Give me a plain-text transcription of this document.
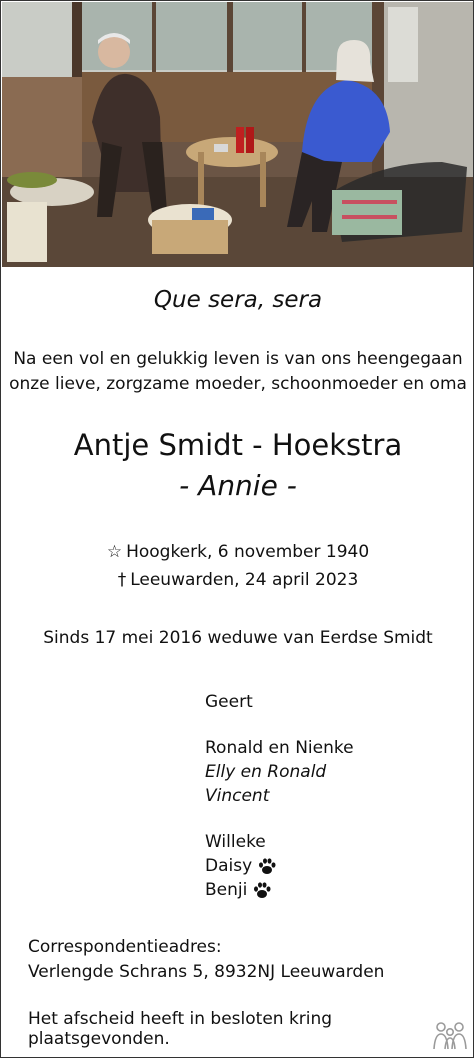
Que sera, sera
Na een vol en gelukkig leven is van ons heengegaan
onze lieve, zorgzame moeder, schoonmoeder en oma
Antje Smidt - Hoekstra
- Annie -
☆ Hoogkerk, 6 november 1940
† Leeuwarden, 24 april 2023
Sinds 17 mei 2016 weduwe van Eerdse Smidt
Geert
Ronald en Nienke
Elly en Ronald
Vincent
Willeke
Daisy
Benji
Correspondentieadres:
Verlengde Schrans 5, 8932NJ Leeuwarden
Het afscheid heeft in besloten kring plaatsgevonden.
